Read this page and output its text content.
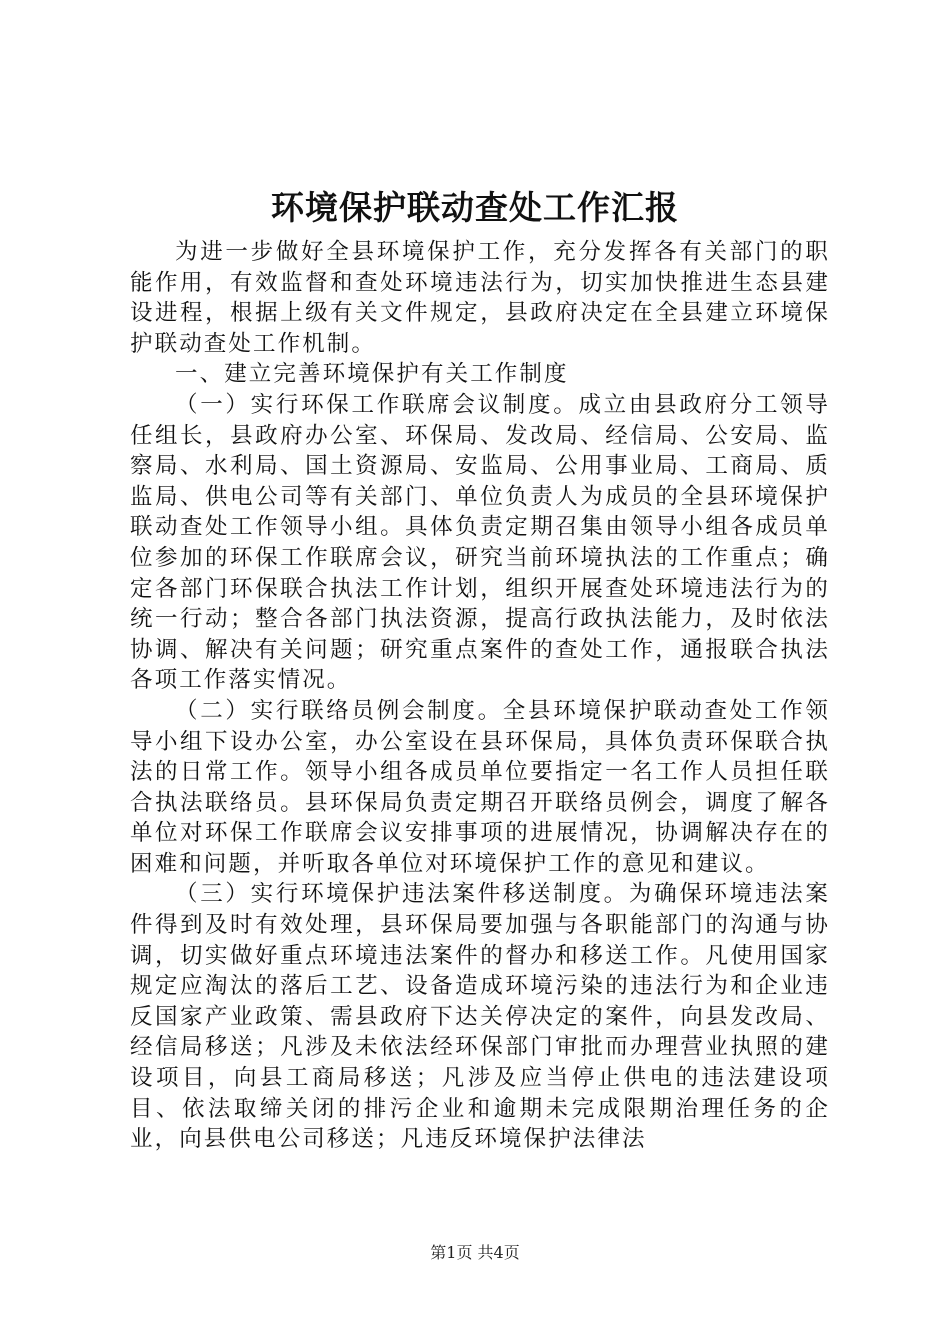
环境保护联动查处工作汇报

为进一步做好全县环境保护工作，充分发挥各有关部门的职能作用，有效监督和查处环境违法行为，切实加快推进生态县建设进程，根据上级有关文件规定，县政府决定在全县建立环境保护联动查处工作机制。

一、建立完善环境保护有关工作制度

（一）实行环保工作联席会议制度。成立由县政府分工领导任组长，县政府办公室、环保局、发改局、经信局、公安局、监察局、水利局、国土资源局、安监局、公用事业局、工商局、质监局、供电公司等有关部门、单位负责人为成员的全县环境保护联动查处工作领导小组。具体负责定期召集由领导小组各成员单位参加的环保工作联席会议，研究当前环境执法的工作重点；确定各部门环保联合执法工作计划，组织开展查处环境违法行为的统一行动；整合各部门执法资源，提高行政执法能力，及时依法协调、解决有关问题；研究重点案件的查处工作，通报联合执法各项工作落实情况。

（二）实行联络员例会制度。全县环境保护联动查处工作领导小组下设办公室，办公室设在县环保局，具体负责环保联合执法的日常工作。领导小组各成员单位要指定一名工作人员担任联合执法联络员。县环保局负责定期召开联络员例会，调度了解各单位对环保工作联席会议安排事项的进展情况，协调解决存在的困难和问题，并听取各单位对环境保护工作的意见和建议。

（三）实行环境保护违法案件移送制度。为确保环境违法案件得到及时有效处理，县环保局要加强与各职能部门的沟通与协调，切实做好重点环境违法案件的督办和移送工作。凡使用国家规定应淘汰的落后工艺、设备造成环境污染的违法行为和企业违反国家产业政策、需县政府下达关停决定的案件，向县发改局、经信局移送；凡涉及未依法经环保部门审批而办理营业执照的建设项目，向县工商局移送；凡涉及应当停止供电的违法建设项目、依法取缔关闭的排污企业和逾期未完成限期治理任务的企业，向县供电公司移送；凡违反环境保护法律法

第1页 共4页
